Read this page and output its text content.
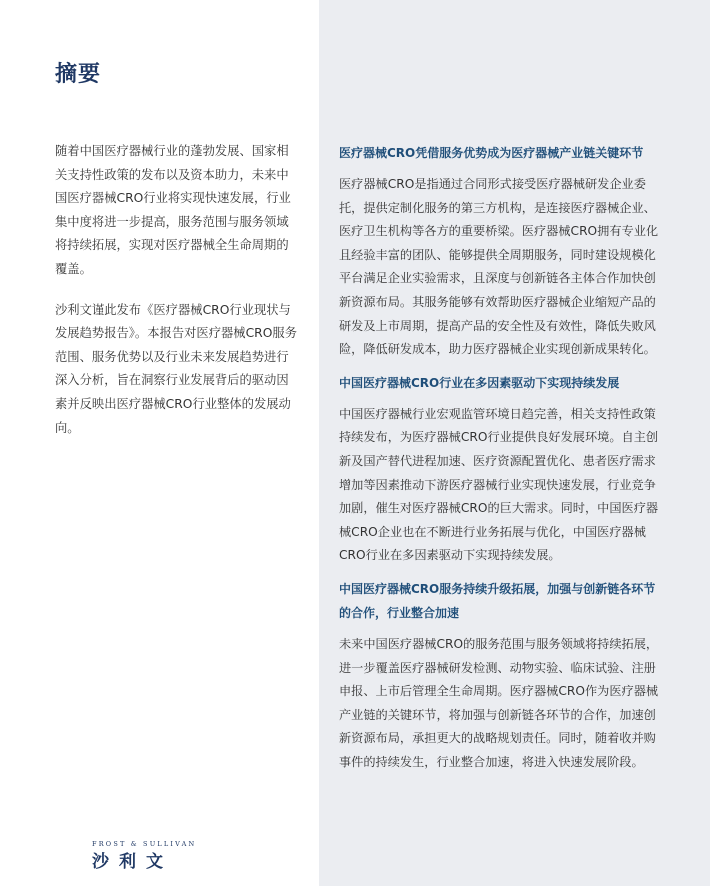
摘要

随着中国医疗器械行业的蓬勃发展、国家相关支持性政策的发布以及资本助力，未来中国医疗器械CRO行业将实现快速发展，行业集中度将进一步提高，服务范围与服务领域将持续拓展，实现对医疗器械全生命周期的覆盖。

沙利文谨此发布《医疗器械CRO行业现状与发展趋势报告》。本报告对医疗器械CRO服务范围、服务优势以及行业未来发展趋势进行深入分析，旨在洞察行业发展背后的驱动因素并反映出医疗器械CRO行业整体的发展动向。

医疗器械CRO凭借服务优势成为医疗器械产业链关键环节

医疗器械CRO是指通过合同形式接受医疗器械研发企业委托，提供定制化服务的第三方机构，是连接医疗器械企业、医疗卫生机构等各方的重要桥梁。医疗器械CRO拥有专业化且经验丰富的团队、能够提供全周期服务，同时建设规模化平台满足企业实验需求，且深度与创新链各主体合作加快创新资源布局。其服务能够有效帮助医疗器械企业缩短产品的研发及上市周期，提高产品的安全性及有效性，降低失败风险，降低研发成本，助力医疗器械企业实现创新成果转化。

中国医疗器械CRO行业在多因素驱动下实现持续发展

中国医疗器械行业宏观监管环境日趋完善，相关支持性政策持续发布，为医疗器械CRO行业提供良好发展环境。自主创新及国产替代进程加速、医疗资源配置优化、患者医疗需求增加等因素推动下游医疗器械行业实现快速发展，行业竞争加剧，催生对医疗器械CRO的巨大需求。同时，中国医疗器械CRO企业也在不断进行业务拓展与优化，中国医疗器械CRO行业在多因素驱动下实现持续发展。

中国医疗器械CRO服务持续升级拓展，加强与创新链各环节的合作，行业整合加速

未来中国医疗器械CRO的服务范围与服务领域将持续拓展，进一步覆盖医疗器械研发检测、动物实验、临床试验、注册申报、上市后管理全生命周期。医疗器械CRO作为医疗器械产业链的关键环节，将加强与创新链各环节的合作，加速创新资源布局，承担更大的战略规划责任。同时，随着收并购事件的持续发生，行业整合加速，将进入快速发展阶段。

FROST & SULLIVAN
沙利文
